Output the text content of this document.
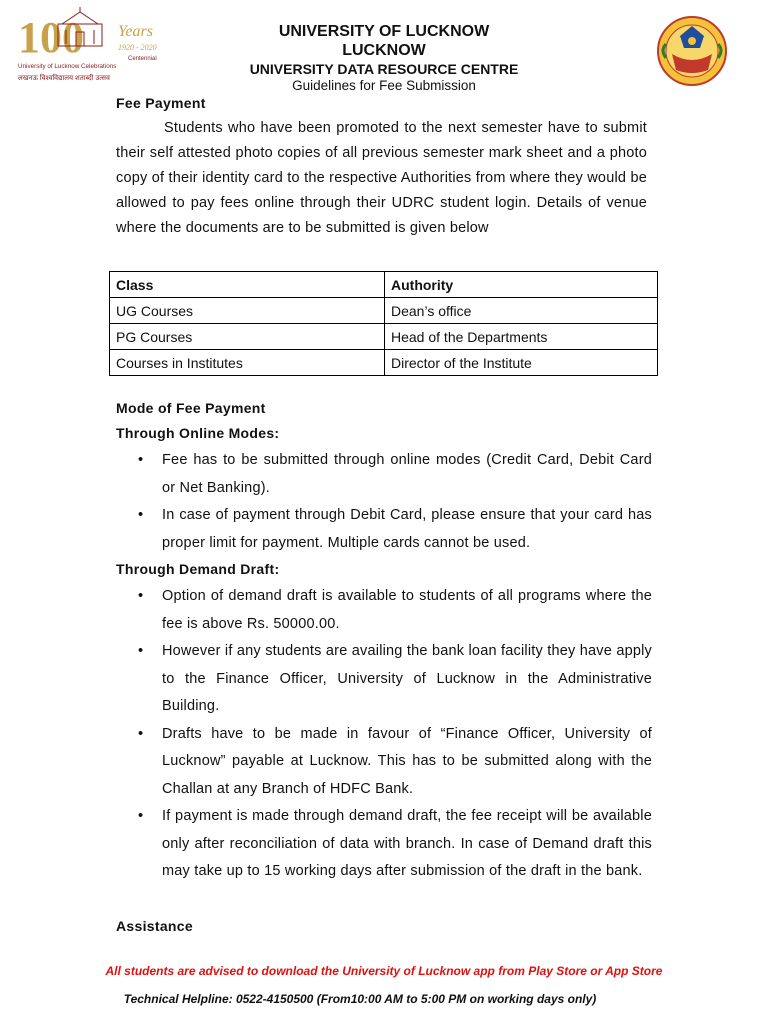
100 Years
1920 - 2020
Centennial
University of Lucknow Celebrations
लखनऊ विश्वविद्यालय शताब्दी उत्सव
UNIVERSITY OF LUCKNOW
LUCKNOW
UNIVERSITY DATA RESOURCE CENTRE
Guidelines for Fee Submission
Fee Payment

Students who have been promoted to the next semester have to submit their self attested photo copies of all previous semester mark sheet and a photo copy of their identity card to the respective Authorities from where they would be allowed to pay fees online through their UDRC student login. Details of venue where the documents are to be submitted is given below

Class	Authority
UG Courses	Dean’s office
PG Courses	Head of the Departments
Courses in Institutes	Director of the Institute
Mode of Fee Payment
Through Online Modes:
• Fee has to be submitted through online modes (Credit Card, Debit Card or Net Banking).
• In case of payment through Debit Card, please ensure that your card has proper limit for payment. Multiple cards cannot be used.
Through Demand Draft:
• Option of demand draft is available to students of all programs where the fee is above Rs. 50000.00.
• However if any students are availing the bank loan facility they have apply to the Finance Officer, University of Lucknow in the Administrative Building.
• Drafts have to be made in favour of “Finance Officer, University of Lucknow” payable at Lucknow. This has to be submitted along with the Challan at any Branch of HDFC Bank.
• If payment is made through demand draft, the fee receipt will be available only after reconciliation of data with branch. In case of Demand draft this may take up to 15 working days after submission of the draft in the bank.
Assistance
All students are advised to download the University of Lucknow app from Play Store or App Store
Technical Helpline: 0522-4150500 (From10:00 AM to 5:00 PM on working days only)
